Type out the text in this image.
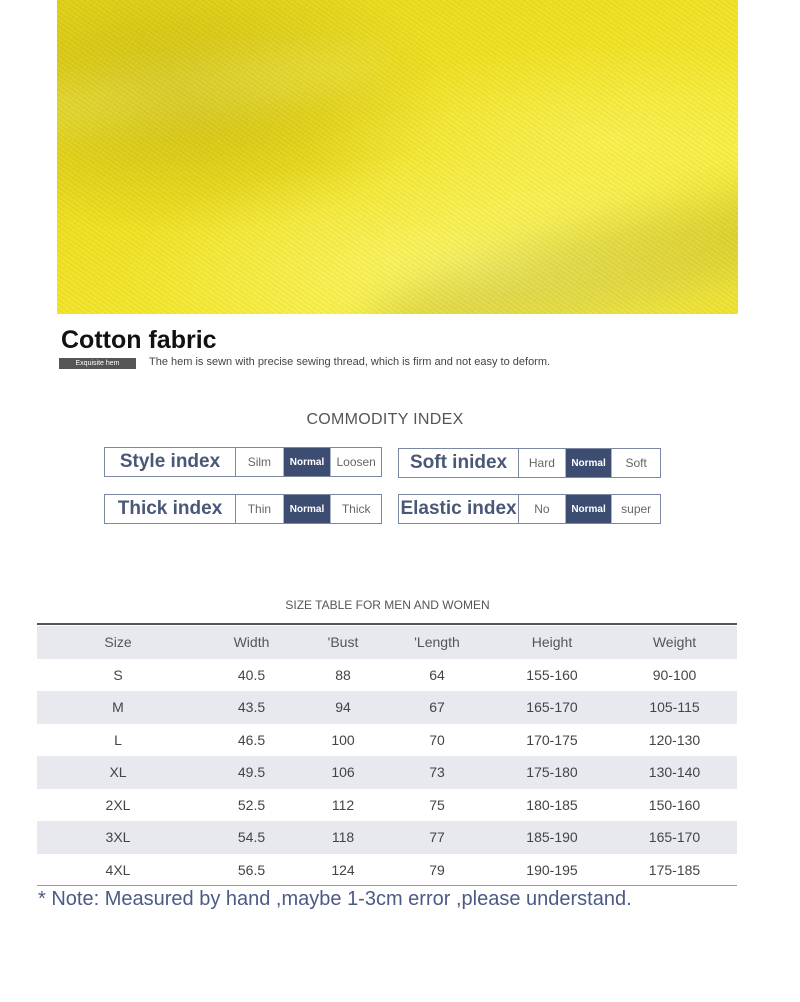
Cotton fabric
Exquisite hem	The hem is sewn with precise sewing thread, which is firm and not easy to deform.
COMMODITY INDEX
Style index	Silm	Normal	Loosen	Soft inidex	Hard	Normal	Soft
Thick index	Thin	Normal	Thick	Elastic index	No	Normal	super
SIZE TABLE FOR MEN AND WOMEN
Size	Width	'Bust	'Length	Height	Weight
S	40.5	88	64	155-160	90-100
M	43.5	94	67	165-170	105-115
L	46.5	100	70	170-175	120-130
XL	49.5	106	73	175-180	130-140
2XL	52.5	112	75	180-185	150-160
3XL	54.5	118	77	185-190	165-170
4XL	56.5	124	79	190-195	175-185
* Note: Measured by hand ,maybe 1-3cm error ,please understand.
